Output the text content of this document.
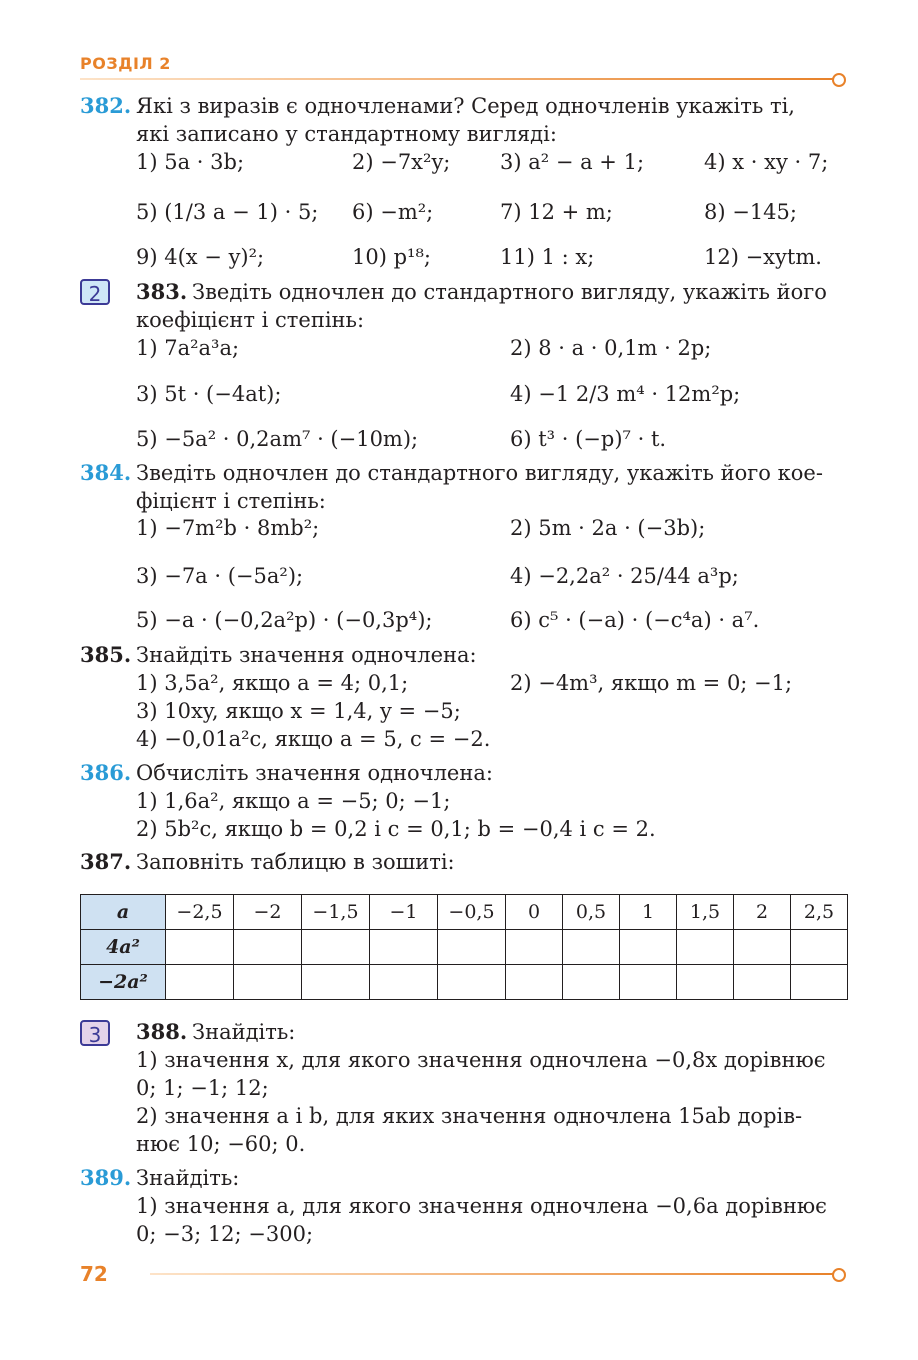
РОЗДІЛ 2
382. Які з виразів є одночленами? Серед одночленів укажіть ті,
які записано у стандартному вигляді:
1) 5a · 3b;	2) −7x²y; 3) a² − a + 1;	4) x · xy · 7;
5) (1/3 a − 1) · 5; 6) −m²;	7) 12 + m;	8) −145;
9) 4(x − y)²;	10) p¹⁸;	11) 1 : x;	12) −xytm.
2	383. Зведіть одночлен до стандартного вигляду, укажіть його
коефіцієнт і степінь:
1) 7a²a³a;	2) 8 · a · 0,1m · 2p;
3) 5t · (−4at);	4) −1 2/3 m⁴ · 12m²p;
5) −5a² · 0,2am⁷ · (−10m);	6) t³ · (−p)⁷ · t.
384. Зведіть одночлен до стандартного вигляду, укажіть його кое-
фіцієнт і степінь:
1) −7m²b · 8mb²;	2) 5m · 2a · (−3b);
3) −7a · (−5a²);	4) −2,2a² · 25/44 a³p;
5) −a · (−0,2a²p) · (−0,3p⁴);	6) c⁵ · (−a) · (−c⁴a) · a⁷.
385. Знайдіть значення одночлена:
1) 3,5a², якщо a = 4; 0,1;	2) −4m³, якщо m = 0; −1;
3) 10xy, якщо x = 1,4, y = −5;
4) −0,01a²c, якщо a = 5, c = −2.
386. Обчисліть значення одночлена:
1) 1,6a², якщо a = −5; 0; −1;
2) 5b²c, якщо b = 0,2 і c = 0,1; b = −0,4 і c = 2.
387. Заповніть таблицю в зошиті:
a	−2,5	−2	−1,5	−1	−0,5	0	0,5	1	1,5	2	2,5
4a²											
−2a²											
3	388. Знайдіть:
1) значення x, для якого значення одночлена −0,8x дорівнює
0; 1; −1; 12;
2) значення a і b, для яких значення одночлена 15ab дорів-
нює 10; −60; 0.
389. Знайдіть:
1) значення a, для якого значення одночлена −0,6a дорівнює
0; −3; 12; −300;
72
